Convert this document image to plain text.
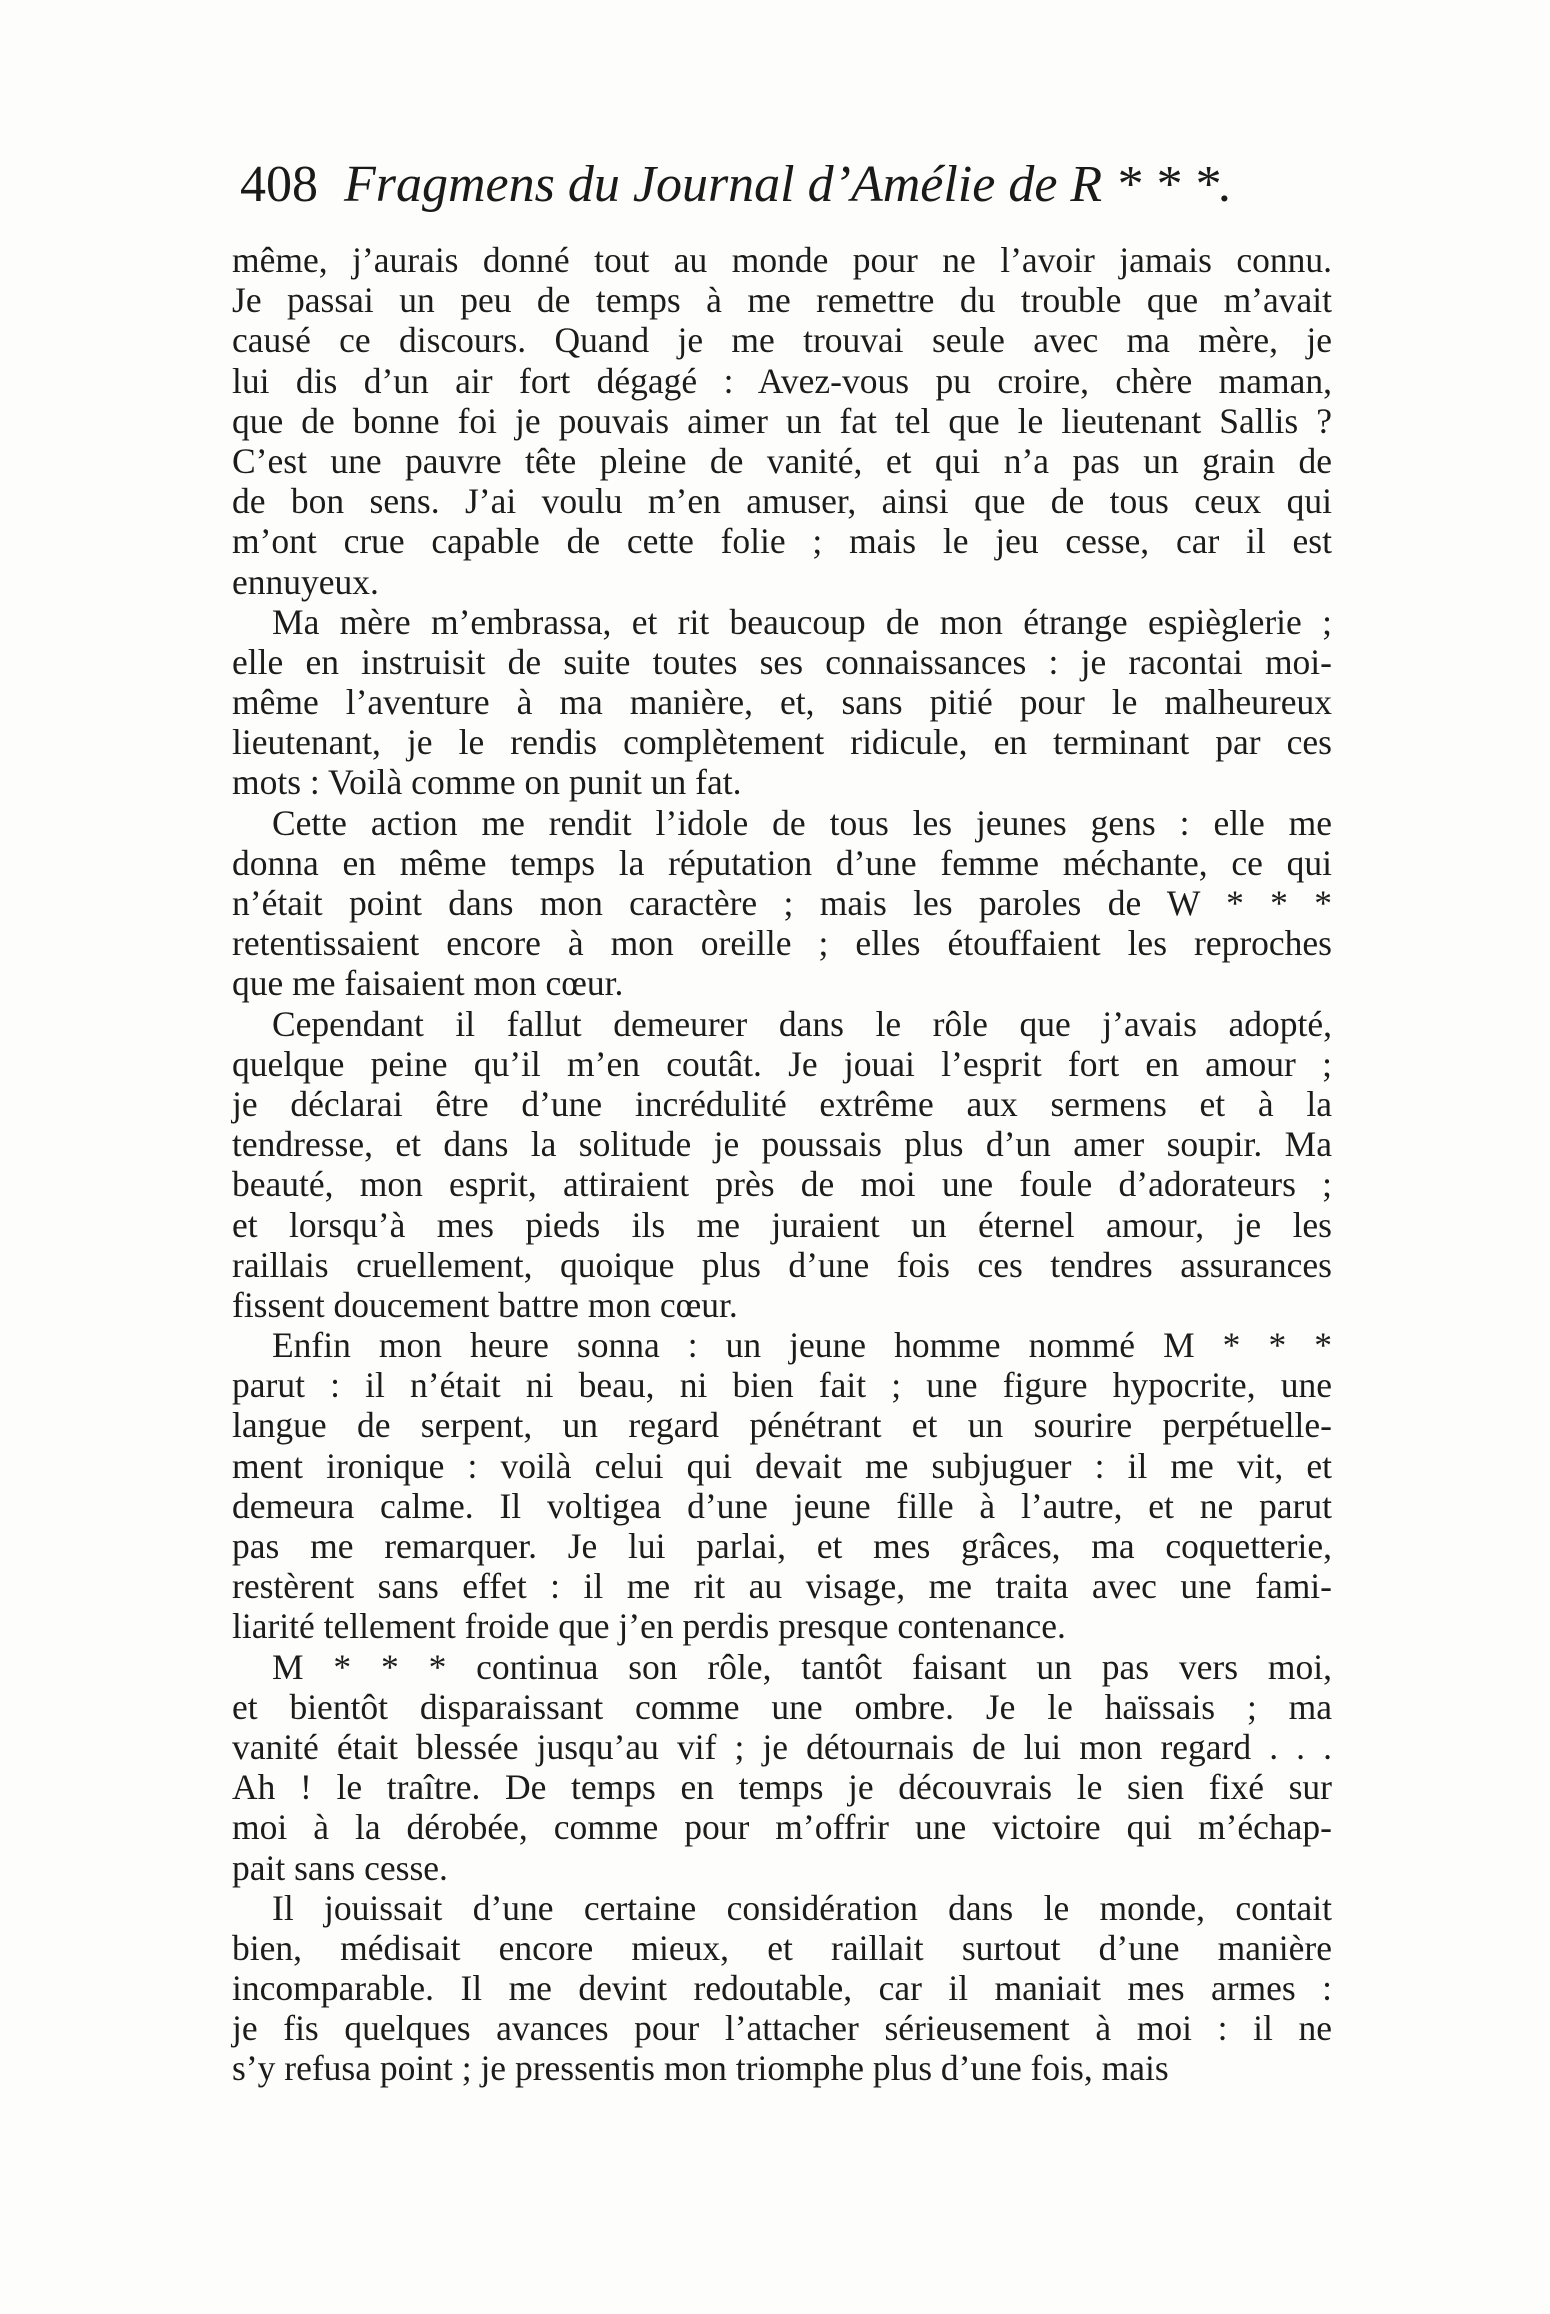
408 Fragmens du Journal d’Amélie de R * * *.
même, j’aurais donné tout au monde pour ne l’avoir jamais connu.
Je passai un peu de temps à me remettre du trouble que m’avait
causé ce discours. Quand je me trouvai seule avec ma mère, je
lui dis d’un air fort dégagé : Avez-vous pu croire, chère maman,
que de bonne foi je pouvais aimer un fat tel que le lieutenant Sallis ?
C’est une pauvre tête pleine de vanité, et qui n’a pas un grain de
de bon sens. J’ai voulu m’en amuser, ainsi que de tous ceux qui
m’ont crue capable de cette folie ; mais le jeu cesse, car il est
ennuyeux.
Ma mère m’embrassa, et rit beaucoup de mon étrange espièglerie ;
elle en instruisit de suite toutes ses connaissances : je racontai moi-
même l’aventure à ma manière, et, sans pitié pour le malheureux
lieutenant, je le rendis complètement ridicule, en terminant par ces
mots : Voilà comme on punit un fat.
Cette action me rendit l’idole de tous les jeunes gens : elle me
donna en même temps la réputation d’une femme méchante, ce qui
n’était point dans mon caractère ; mais les paroles de W * * *
retentissaient encore à mon oreille ; elles étouffaient les reproches
que me faisaient mon cœur.
Cependant il fallut demeurer dans le rôle que j’avais adopté,
quelque peine qu’il m’en coutât. Je jouai l’esprit fort en amour ;
je déclarai être d’une incrédulité extrême aux sermens et à la
tendresse, et dans la solitude je poussais plus d’un amer soupir. Ma
beauté, mon esprit, attiraient près de moi une foule d’adorateurs ;
et lorsqu’à mes pieds ils me juraient un éternel amour, je les
raillais cruellement, quoique plus d’une fois ces tendres assurances
fissent doucement battre mon cœur.
Enfin mon heure sonna : un jeune homme nommé M * * *
parut : il n’était ni beau, ni bien fait ; une figure hypocrite, une
langue de serpent, un regard pénétrant et un sourire perpétuelle-
ment ironique : voilà celui qui devait me subjuguer : il me vit, et
demeura calme. Il voltigea d’une jeune fille à l’autre, et ne parut
pas me remarquer. Je lui parlai, et mes grâces, ma coquetterie,
restèrent sans effet : il me rit au visage, me traita avec une fami-
liarité tellement froide que j’en perdis presque contenance.
M * * * continua son rôle, tantôt faisant un pas vers moi,
et bientôt disparaissant comme une ombre. Je le haïssais ; ma
vanité était blessée jusqu’au vif ; je détournais de lui mon regard . . .
Ah ! le traître. De temps en temps je découvrais le sien fixé sur
moi à la dérobée, comme pour m’offrir une victoire qui m’échap-
pait sans cesse.
Il jouissait d’une certaine considération dans le monde, contait
bien, médisait encore mieux, et raillait surtout d’une manière
incomparable. Il me devint redoutable, car il maniait mes armes :
je fis quelques avances pour l’attacher sérieusement à moi : il ne
s’y refusa point ; je pressentis mon triomphe plus d’une fois, mais
